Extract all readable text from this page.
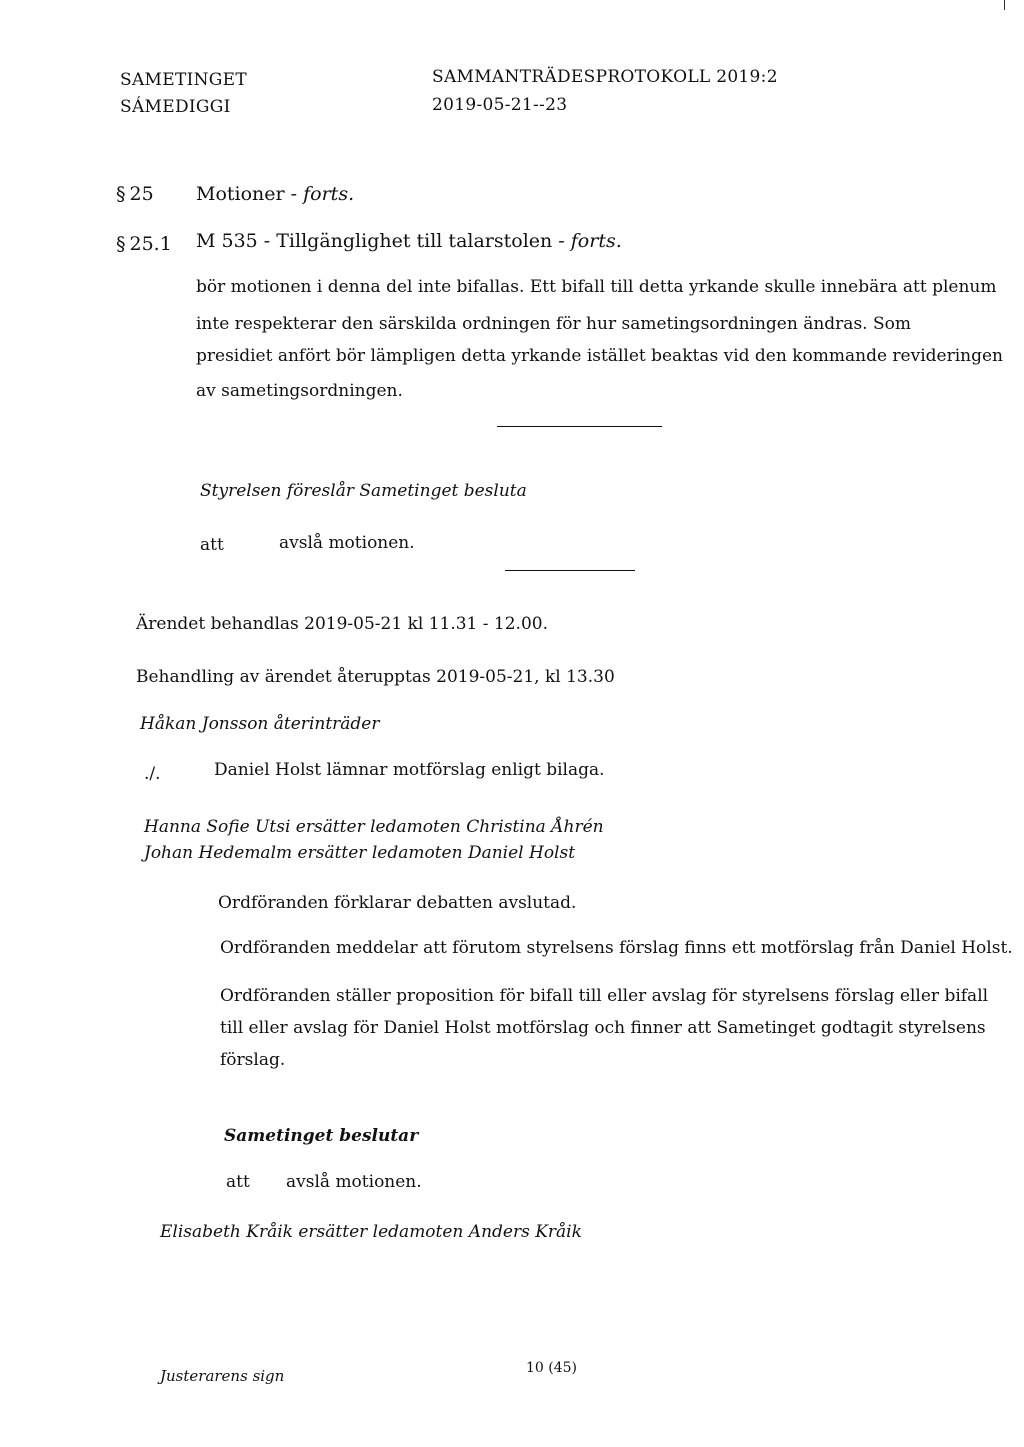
SAMETINGET
SÁMEDIGGI
SAMMANTRÄDESPROTOKOLL 2019:2
2019-05-21--23
§ 25 Motioner - forts.
§ 25.1 M 535 - Tillgänglighet till talarstolen - forts.
bör motionen i denna del inte bifallas. Ett bifall till detta yrkande skulle innebära att plenum
inte respekterar den särskilda ordningen för hur sametingsordningen ändras. Som
presidiet anfört bör lämpligen detta yrkande istället beaktas vid den kommande revideringen
av sametingsordningen.
Styrelsen föreslår Sametinget besluta
att	avslå motionen.
Ärendet behandlas 2019-05-21 kl 11.31 - 12.00.
Behandling av ärendet återupptas 2019-05-21, kl 13.30
Håkan Jonsson återinträder
./.	Daniel Holst lämnar motförslag enligt bilaga.
Hanna Sofie Utsi ersätter ledamoten Christina Åhrén
Johan Hedemalm ersätter ledamoten Daniel Holst
Ordföranden förklarar debatten avslutad.
Ordföranden meddelar att förutom styrelsens förslag finns ett motförslag från Daniel Holst.
Ordföranden ställer proposition för bifall till eller avslag för styrelsens förslag eller bifall
till eller avslag för Daniel Holst motförslag och finner att Sametinget godtagit styrelsens
förslag.
Sametinget beslutar
att avslå motionen.
Elisabeth Kråik ersätter ledamoten Anders Kråik
Justerarens sign	10 (45)
